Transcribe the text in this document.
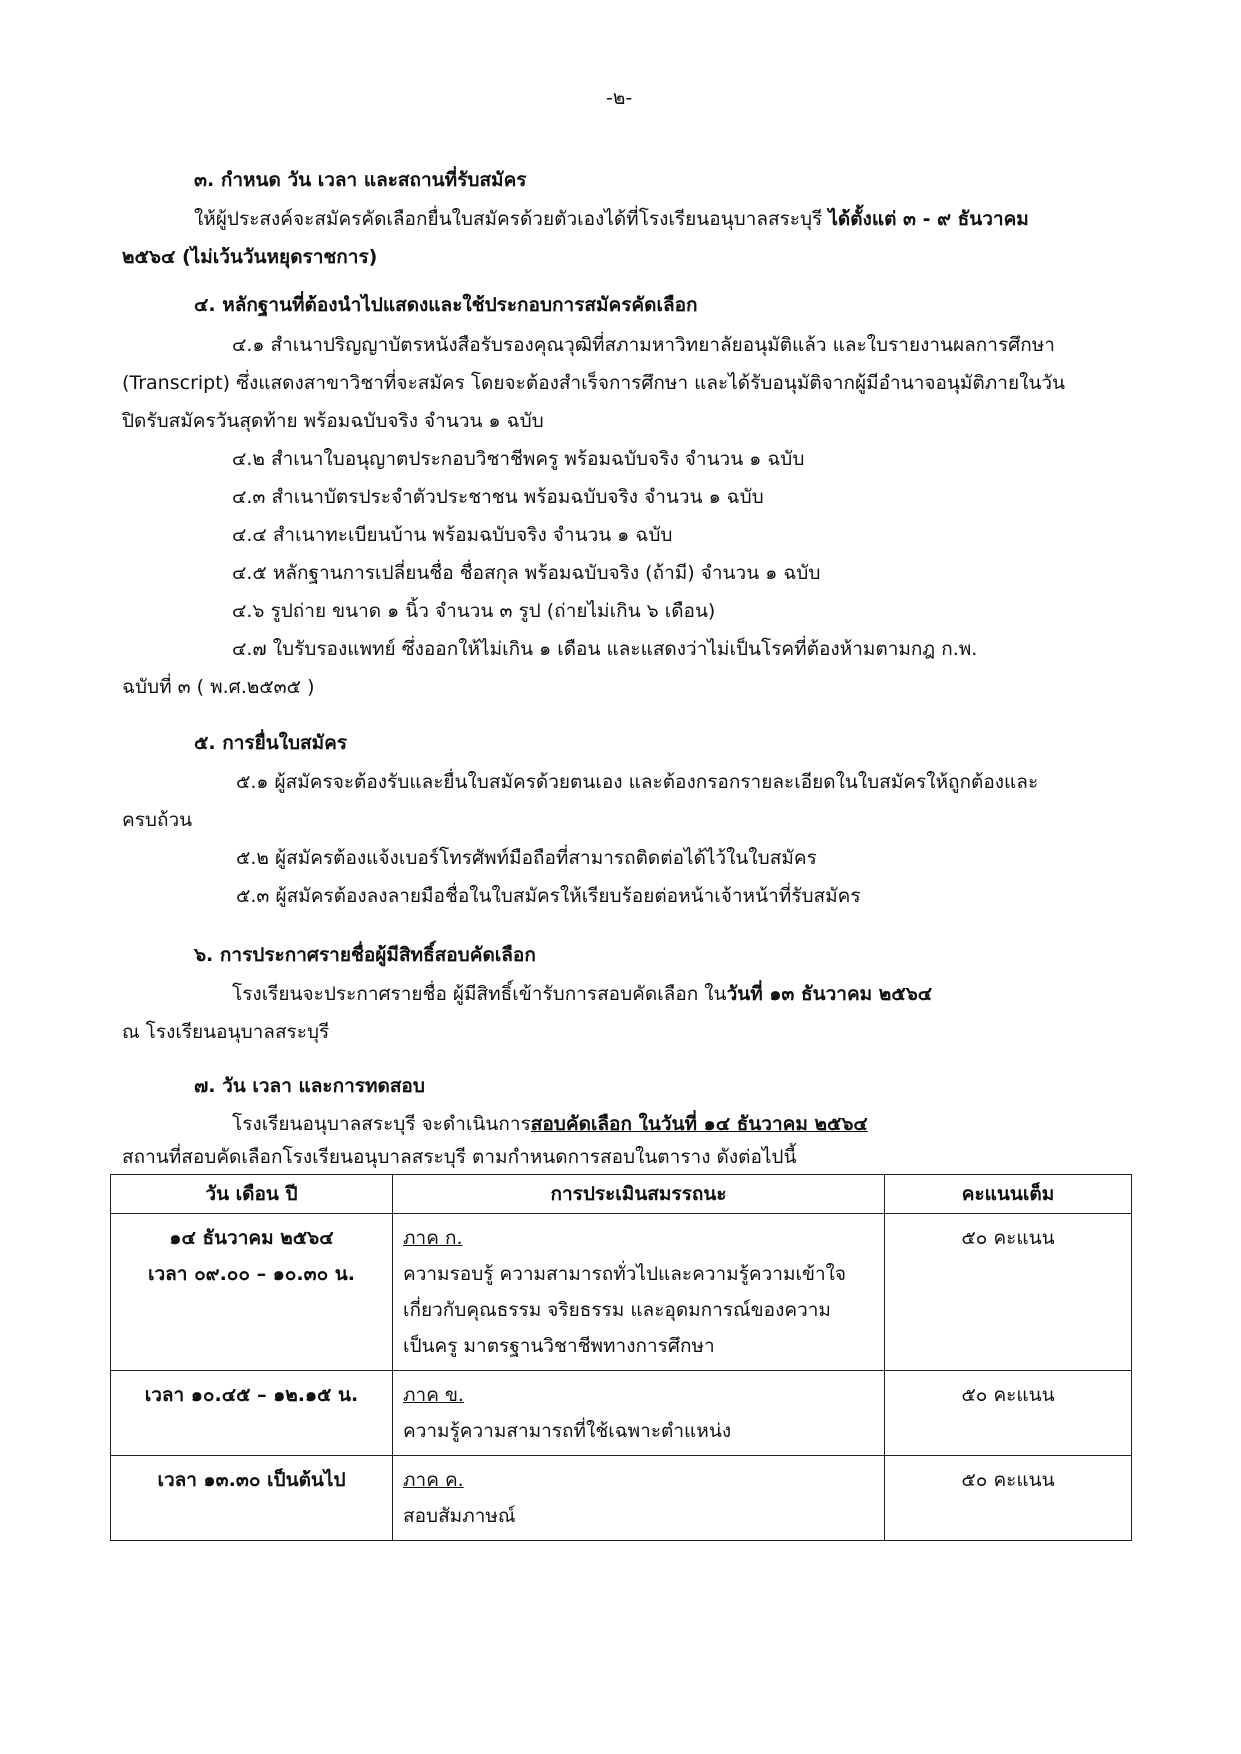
-๒-
๓. กำหนด วัน เวลา และสถานที่รับสมัคร
ให้ผู้ประสงค์จะสมัครคัดเลือกยื่นใบสมัครด้วยตัวเองได้ที่โรงเรียนอนุบาลสระบุรี ได้ตั้งแต่ ๓ - ๙ ธันวาคม
๒๕๖๔ (ไม่เว้นวันหยุดราชการ)
๔. หลักฐานที่ต้องนำไปแสดงและใช้ประกอบการสมัครคัดเลือก
๔.๑ สำเนาปริญญาบัตรหนังสือรับรองคุณวุฒิที่สภามหาวิทยาลัยอนุมัติแล้ว และใบรายงานผลการศึกษา
(Transcript) ซึ่งแสดงสาขาวิชาที่จะสมัคร โดยจะต้องสำเร็จการศึกษา และได้รับอนุมัติจากผู้มีอำนาจอนุมัติภายในวัน
ปิดรับสมัครวันสุดท้าย พร้อมฉบับจริง จำนวน ๑ ฉบับ
๔.๒ สำเนาใบอนุญาตประกอบวิชาชีพครู พร้อมฉบับจริง จำนวน ๑ ฉบับ
๔.๓ สำเนาบัตรประจำตัวประชาชน พร้อมฉบับจริง จำนวน ๑ ฉบับ
๔.๔ สำเนาทะเบียนบ้าน พร้อมฉบับจริง จำนวน ๑ ฉบับ
๔.๕ หลักฐานการเปลี่ยนชื่อ ชื่อสกุล พร้อมฉบับจริง (ถ้ามี) จำนวน ๑ ฉบับ
๔.๖ รูปถ่าย ขนาด ๑ นิ้ว จำนวน ๓ รูป (ถ่ายไม่เกิน ๖ เดือน)
๔.๗ ใบรับรองแพทย์ ซึ่งออกให้ไม่เกิน ๑ เดือน และแสดงว่าไม่เป็นโรคที่ต้องห้ามตามกฎ ก.พ.
ฉบับที่ ๓ ( พ.ศ.๒๕๓๕ )
๕. การยื่นใบสมัคร
๕.๑ ผู้สมัครจะต้องรับและยื่นใบสมัครด้วยตนเอง และต้องกรอกรายละเอียดในใบสมัครให้ถูกต้องและ
ครบถ้วน
๕.๒ ผู้สมัครต้องแจ้งเบอร์โทรศัพท์มือถือที่สามารถติดต่อได้ไว้ในใบสมัคร
๕.๓ ผู้สมัครต้องลงลายมือชื่อในใบสมัครให้เรียบร้อยต่อหน้าเจ้าหน้าที่รับสมัคร
๖. การประกาศรายชื่อผู้มีสิทธิ์สอบคัดเลือก
โรงเรียนจะประกาศรายชื่อ ผู้มีสิทธิ์เข้ารับการสอบคัดเลือก ในวันที่ ๑๓ ธันวาคม ๒๕๖๔
ณ โรงเรียนอนุบาลสระบุรี
๗. วัน เวลา และการทดสอบ
โรงเรียนอนุบาลสระบุรี จะดำเนินการสอบคัดเลือก ในวันที่ ๑๔ ธันวาคม ๒๕๖๔
สถานที่สอบคัดเลือกโรงเรียนอนุบาลสระบุรี ตามกำหนดการสอบในตาราง ดังต่อไปนี้
วัน เดือน ปี	การประเมินสมรรถนะ	คะแนนเต็ม

๑๔ ธันวาคม ๒๕๖๔
เวลา ๐๙.๐๐ – ๑๐.๓๐ น.	ภาค ก.
ความรอบรู้ ความสามารถทั่วไปและความรู้ความเข้าใจ
เกี่ยวกับคุณธรรม จริยธรรม และอุดมการณ์ของความ
เป็นครู มาตรฐานวิชาชีพทางการศึกษา	๕๐ คะแนน

เวลา ๑๐.๔๕ – ๑๒.๑๕ น.	ภาค ข.
ความรู้ความสามารถที่ใช้เฉพาะตำแหน่ง	๕๐ คะแนน

เวลา ๑๓.๓๐ เป็นต้นไป	ภาค ค.
สอบสัมภาษณ์	๕๐ คะแนน
